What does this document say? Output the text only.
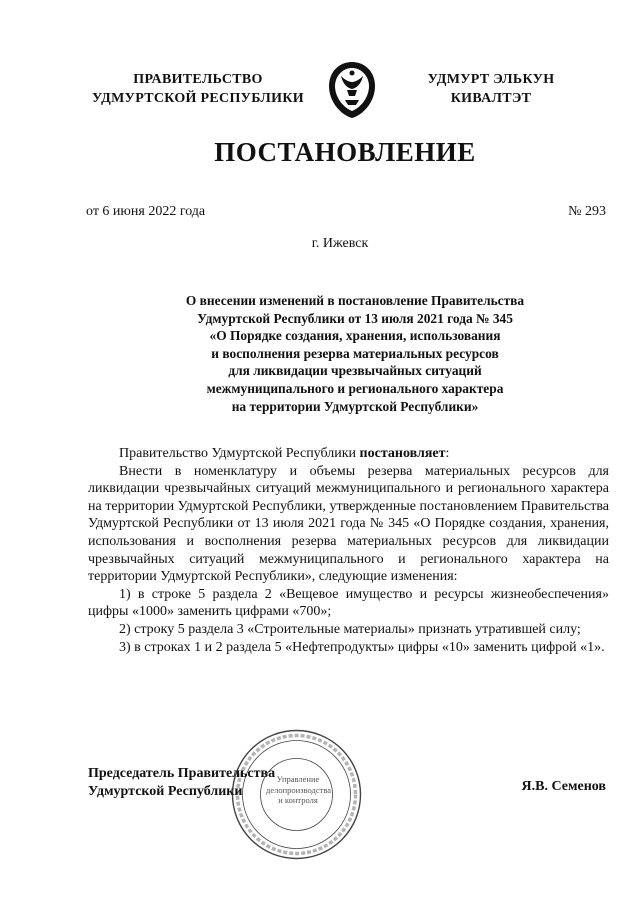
ПРАВИТЕЛЬСТВО
УДМУРТСКОЙ РЕСПУБЛИКИ
УДМУРТ ЭЛЬКУН
КИВАЛТЭТ
ПОСТАНОВЛЕНИЕ
от 6 июня 2022 года	№ 293
г. Ижевск
О внесении изменений в постановление Правительства
Удмуртской Республики от 13 июля 2021 года № 345
«О Порядке создания, хранения, использования
и восполнения резерва материальных ресурсов
для ликвидации чрезвычайных ситуаций
межмуниципального и регионального характера
на территории Удмуртской Республики»

Правительство Удмуртской Республики постановляет:

Внести в номенклатуру и объемы резерва материальных ресурсов для ликвидации чрезвычайных ситуаций межмуниципального и регионального характера на территории Удмуртской Республики, утвержденные постановлением Правительства Удмуртской Республики от 13 июля 2021 года № 345 «О Порядке создания, хранения, использования и восполнения резерва материальных ресурсов для ликвидации чрезвычайных ситуаций межмуниципального и регионального характера на территории Удмуртской Республики», следующие изменения:

1) в строке 5 раздела 2 «Вещевое имущество и ресурсы жизнеобеспечения» цифры «1000» заменить цифрами «700»;

2) строку 5 раздела 3 «Строительные материалы» признать утратившей силу;

3) в строках 1 и 2 раздела 5 «Нефтепродукты» цифры «10» заменить цифрой «1».

Управление
делопроизводства
и контроля
Председатель Правительства
Удмуртской Республики	Я.В. Семенов
